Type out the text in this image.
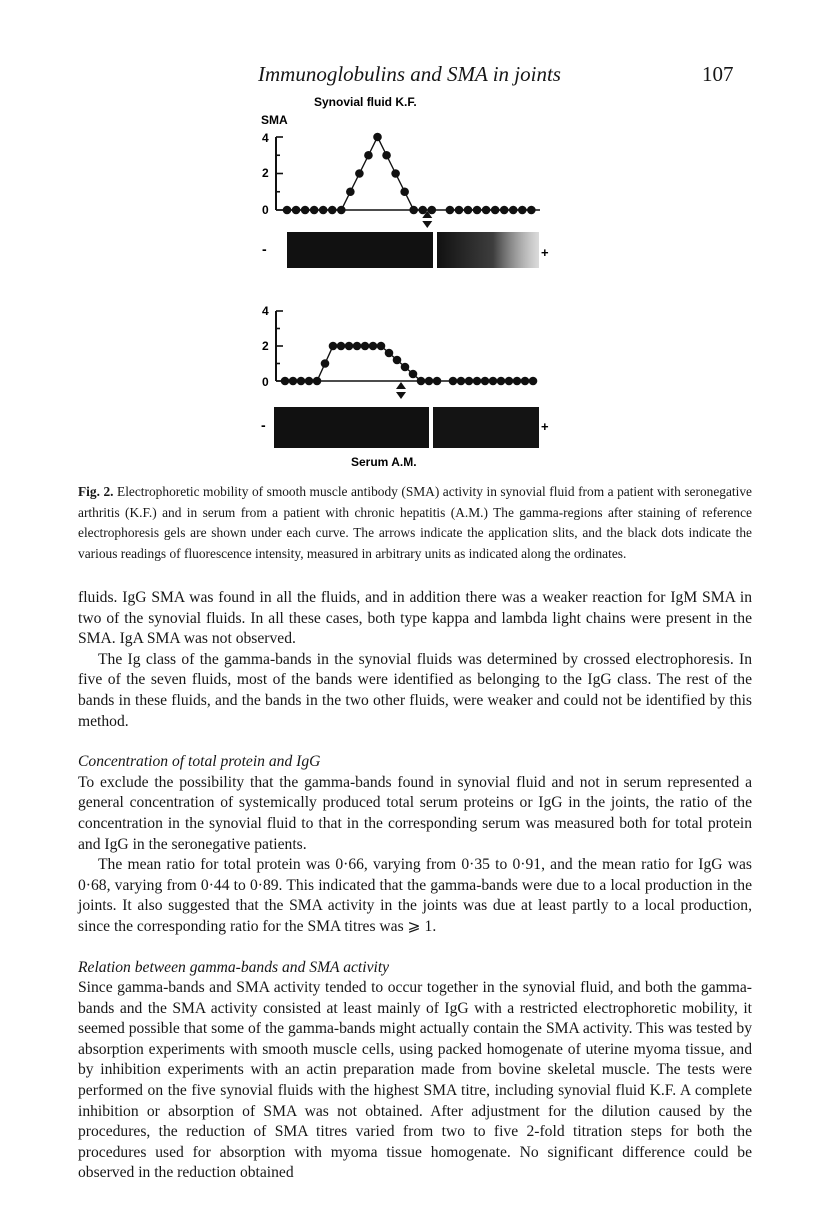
Immunoglobulins and SMA in joints	107
Synovial fluid K.F.
SMA
4
2
0
-	+
4
2
0
-	+
Serum A.M.

Fig. 2. Electrophoretic mobility of smooth muscle antibody (SMA) activity in synovial fluid from a patient with seronegative arthritis (K.F.) and in serum from a patient with chronic hepatitis (A.M.) The gamma-regions after staining of reference electrophoresis gels are shown under each curve. The arrows indicate the application slits, and the black dots indicate the various readings of fluorescence intensity, measured in arbitrary units as indicated along the ordinates.

fluids. IgG SMA was found in all the fluids, and in addition there was a weaker reaction for IgM SMA in two of the synovial fluids. In all these cases, both type kappa and lambda light chains were present in the SMA. IgA SMA was not observed.

The Ig class of the gamma-bands in the synovial fluids was determined by crossed electrophoresis. In five of the seven fluids, most of the bands were identified as belonging to the IgG class. The rest of the bands in these fluids, and the bands in the two other fluids, were weaker and could not be identified by this method.

Concentration of total protein and IgG

To exclude the possibility that the gamma-bands found in synovial fluid and not in serum represented a general concentration of systemically produced total serum proteins or IgG in the joints, the ratio of the concentration in the synovial fluid to that in the corresponding serum was measured both for total protein and IgG in the seronegative patients.

The mean ratio for total protein was 0·66, varying from 0·35 to 0·91, and the mean ratio for IgG was 0·68, varying from 0·44 to 0·89. This indicated that the gamma-bands were due to a local production in the joints. It also suggested that the SMA activity in the joints was due at least partly to a local production, since the corresponding ratio for the SMA titres was ⩾ 1.

Relation between gamma-bands and SMA activity

Since gamma-bands and SMA activity tended to occur together in the synovial fluid, and both the gamma-bands and the SMA activity consisted at least mainly of IgG with a restricted electrophoretic mobility, it seemed possible that some of the gamma-bands might actually contain the SMA activity. This was tested by absorption experiments with smooth muscle cells, using packed homogenate of uterine myoma tissue, and by inhibition experiments with an actin preparation made from bovine skeletal muscle. The tests were performed on the five synovial fluids with the highest SMA titre, including synovial fluid K.F. A complete inhibition or absorption of SMA was not obtained. After adjustment for the dilution caused by the procedures, the reduction of SMA titres varied from two to five 2-fold titration steps for both the procedures used for absorption with myoma tissue homogenate. No significant difference could be observed in the reduction obtained
